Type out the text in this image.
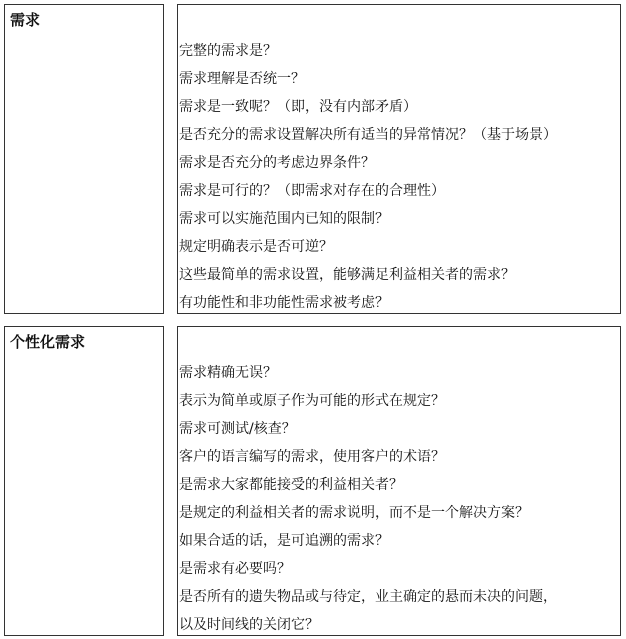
需求
完整的需求是？
需求理解是否统一？
需求是一致呢？（即，没有内部矛盾）
是否充分的需求设置解决所有适当的异常情况？（基于场景）
需求是否充分的考虑边界条件？
需求是可行的？（即需求对存在的合理性）
需求可以实施范围内已知的限制？
规定明确表示是否可逆？
这些最简单的需求设置，能够满足利益相关者的需求？
有功能性和非功能性需求被考虑？
个性化需求
需求精确无误？
表示为简单或原子作为可能的形式在规定？
需求可测试/核查？
客户的语言编写的需求，使用客户的术语？
是需求大家都能接受的利益相关者？
是规定的利益相关者的需求说明，而不是一个解决方案？
如果合适的话，是可追溯的需求？
是需求有必要吗？
是否所有的遗失物品或与待定，业主确定的悬而未决的问题，
以及时间线的关闭它？
